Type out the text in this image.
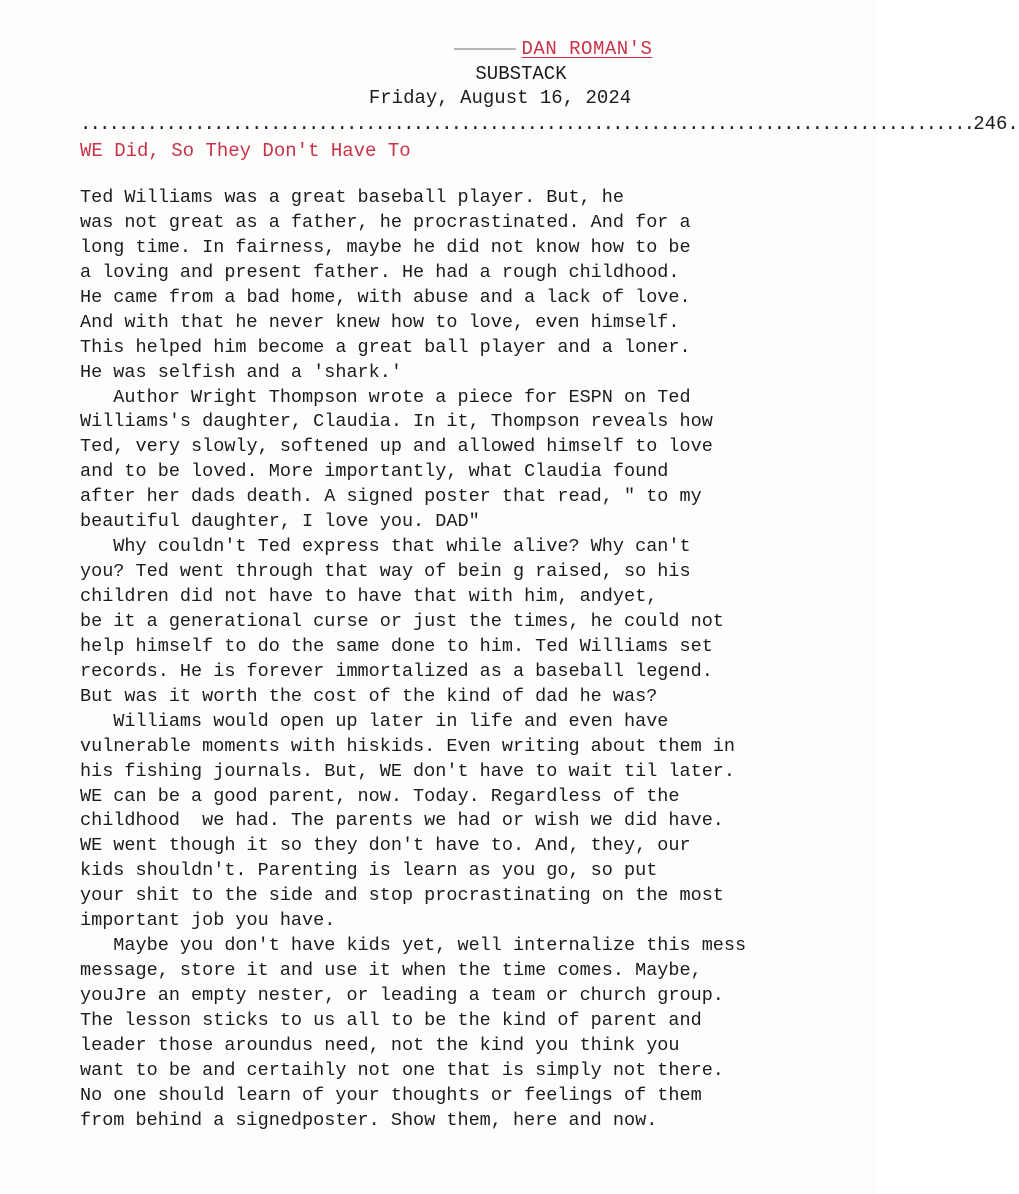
DAN ROMAN'S
SUBSTACK
Friday, August 16, 2024
..............................................................................................246.
WE Did, So They Don't Have To
Ted Williams was a great baseball player. But, he
was not great as a father, he procrastinated. And for a
long time. In fairness, maybe he did not know how to be
a loving and present father. He had a rough childhood.
He came from a bad home, with abuse and a lack of love.
And with that he never knew how to love, even himself.
This helped him become a great ball player and a loner.
He was selfish and a 'shark.'
Author Wright Thompson wrote a piece for ESPN on Ted
Williams's daughter, Claudia. In it, Thompson reveals how
Ted, very slowly, softened up and allowed himself to love
and to be loved. More importantly, what Claudia found
after her dads death. A signed poster that read, " to my
beautiful daughter, I love you. DAD"
Why couldn't Ted express that while alive? Why can't
you? Ted went through that way of bein g raised, so his
children did not have to have that with him, andyet,
be it a generational curse or just the times, he could not
help himself to do the same done to him. Ted Williams set
records. He is forever immortalized as a baseball legend.
But was it worth the cost of the kind of dad he was?
Williams would open up later in life and even have
vulnerable moments with hiskids. Even writing about them in
his fishing journals. But, WE don't have to wait til later.
WE can be a good parent, now. Today. Regardless of the
childhood  we had. The parents we had or wish we did have.
WE went though it so they don't have to. And, they, our
kids shouldn't. Parenting is learn as you go, so put
your shit to the side and stop procrastinating on the most
important job you have.
Maybe you don't have kids yet, well internalize this mess
message, store it and use it when the time comes. Maybe,
youJre an empty nester, or leading a team or church group.
The lesson sticks to us all to be the kind of parent and
leader those aroundus need, not the kind you think you
want to be and certaihly not one that is simply not there.
No one should learn of your thoughts or feelings of them
from behind a signedposter. Show them, here and now.
